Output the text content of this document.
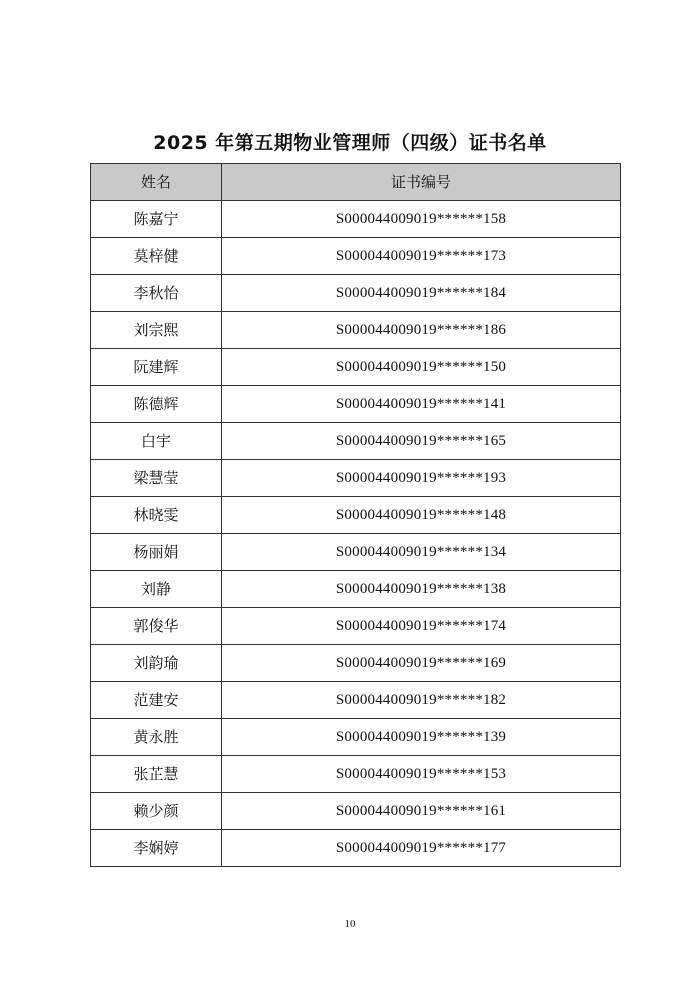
2025 年第五期物业管理师（四级）证书名单
姓名	证书编号
陈嘉宁	S000044009019******158
莫梓健	S000044009019******173
李秋怡	S000044009019******184
刘宗熙	S000044009019******186
阮建辉	S000044009019******150
陈德辉	S000044009019******141
白宇	S000044009019******165
梁慧莹	S000044009019******193
林晓雯	S000044009019******148
杨丽娟	S000044009019******134
刘静	S000044009019******138
郭俊华	S000044009019******174
刘韵瑜	S000044009019******169
范建安	S000044009019******182
黄永胜	S000044009019******139
张芷慧	S000044009019******153
赖少颜	S000044009019******161
李娴婷	S000044009019******177
10
